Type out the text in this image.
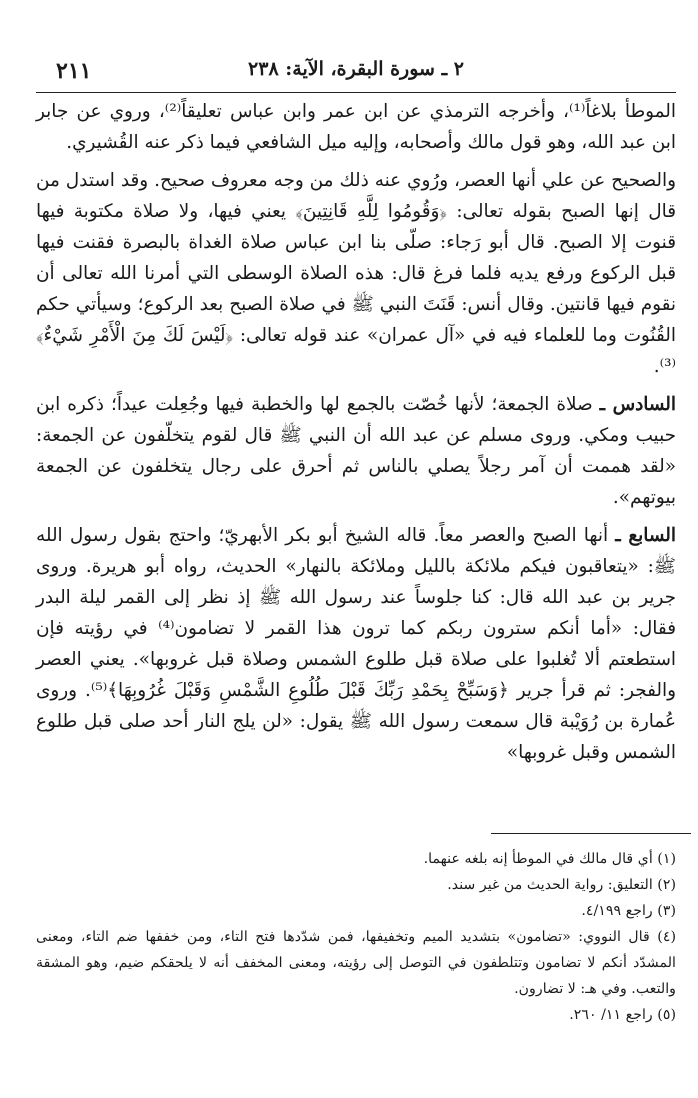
٢ ـ سورة البقرة، الآية: ٢٣٨
٢١١

الموطأ بلاغاً⁽¹⁾، وأخرجه الترمذي عن ابن عمر وابن عباس تعليقاً⁽²⁾، وروي عن جابر ابن عبد الله، وهو قول مالك وأصحابه، وإليه ميل الشافعي فيما ذكر عنه القُشيري.

والصحيح عن علي أنها العصر، ورُوي عنه ذلك من وجه معروف صحيح. وقد استدل من قال إنها الصبح بقوله تعالى: ﴿وَقُومُوا لِلَّهِ قَانِتِينَ﴾ يعني فيها، ولا صلاة مكتوبة فيها قنوت إلا الصبح. قال أبو رَجاء: صلّى بنا ابن عباس صلاة الغداة بالبصرة فقنت فيها قبل الركوع ورفع يديه فلما فرغ قال: هذه الصلاة الوسطى التي أمرنا الله تعالى أن نقوم فيها قانتين. وقال أنس: قَنَتَ النبي ﷺ في صلاة الصبح بعد الركوع؛ وسيأتي حكم القُنُوت وما للعلماء فيه في «آل عمران» عند قوله تعالى: ﴿لَيْسَ لَكَ مِنَ الْأَمْرِ شَيْءٌ﴾⁽³⁾.

السادس ـ صلاة الجمعة؛ لأنها خُصّت بالجمع لها والخطبة فيها وجُعِلت عيداً؛ ذكره ابن حبيب ومكي. وروى مسلم عن عبد الله أن النبي ﷺ قال لقوم يتخلّفون عن الجمعة: «لقد هممت أن آمر رجلاً يصلي بالناس ثم أحرق على رجال يتخلفون عن الجمعة بيوتهم».

السابع ـ أنها الصبح والعصر معاً. قاله الشيخ أبو بكر الأبهريّ؛ واحتج بقول رسول الله ﷺ: «يتعاقبون فيكم ملائكة بالليل وملائكة بالنهار» الحديث، رواه أبو هريرة. وروى جرير بن عبد الله قال: كنا جلوساً عند رسول الله ﷺ إذ نظر إلى القمر ليلة البدر فقال: «أما أنكم سترون ربكم كما ترون هذا القمر لا تضامون⁽⁴⁾ في رؤيته فإن استطعتم ألا تُغلبوا على صلاة قبل طلوع الشمس وصلاة قبل غروبها». يعني العصر والفجر: ثم قرأ جرير ﴿وَسَبِّحْ بِحَمْدِ رَبِّكَ قَبْلَ طُلُوعِ الشَّمْسِ وَقَبْلَ غُرُوبِهَا﴾⁽⁵⁾. وروى عُمارة بن رُوَيْبة قال سمعت رسول الله ﷺ يقول: «لن يلج النار أحد صلى قبل طلوع الشمس وقبل غروبها»

(١) أي قال مالك في الموطأ إنه بلغه عنهما.

(٢) التعليق: رواية الحديث من غير سند.

(٣) راجع ٤/١٩٩.

(٤) قال النووي: «تضامون» بتشديد الميم وتخفيفها، فمن شدّدها فتح التاء، ومن خففها ضم التاء، ومعنى المشدّد أنكم لا تضامون وتتلطفون في التوصل إلى رؤيته، ومعنى المخفف أنه لا يلحقكم ضيم، وهو المشقة والتعب. وفي هـ: لا تضارون.

(٥) راجع ١١/ ٢٦٠.
